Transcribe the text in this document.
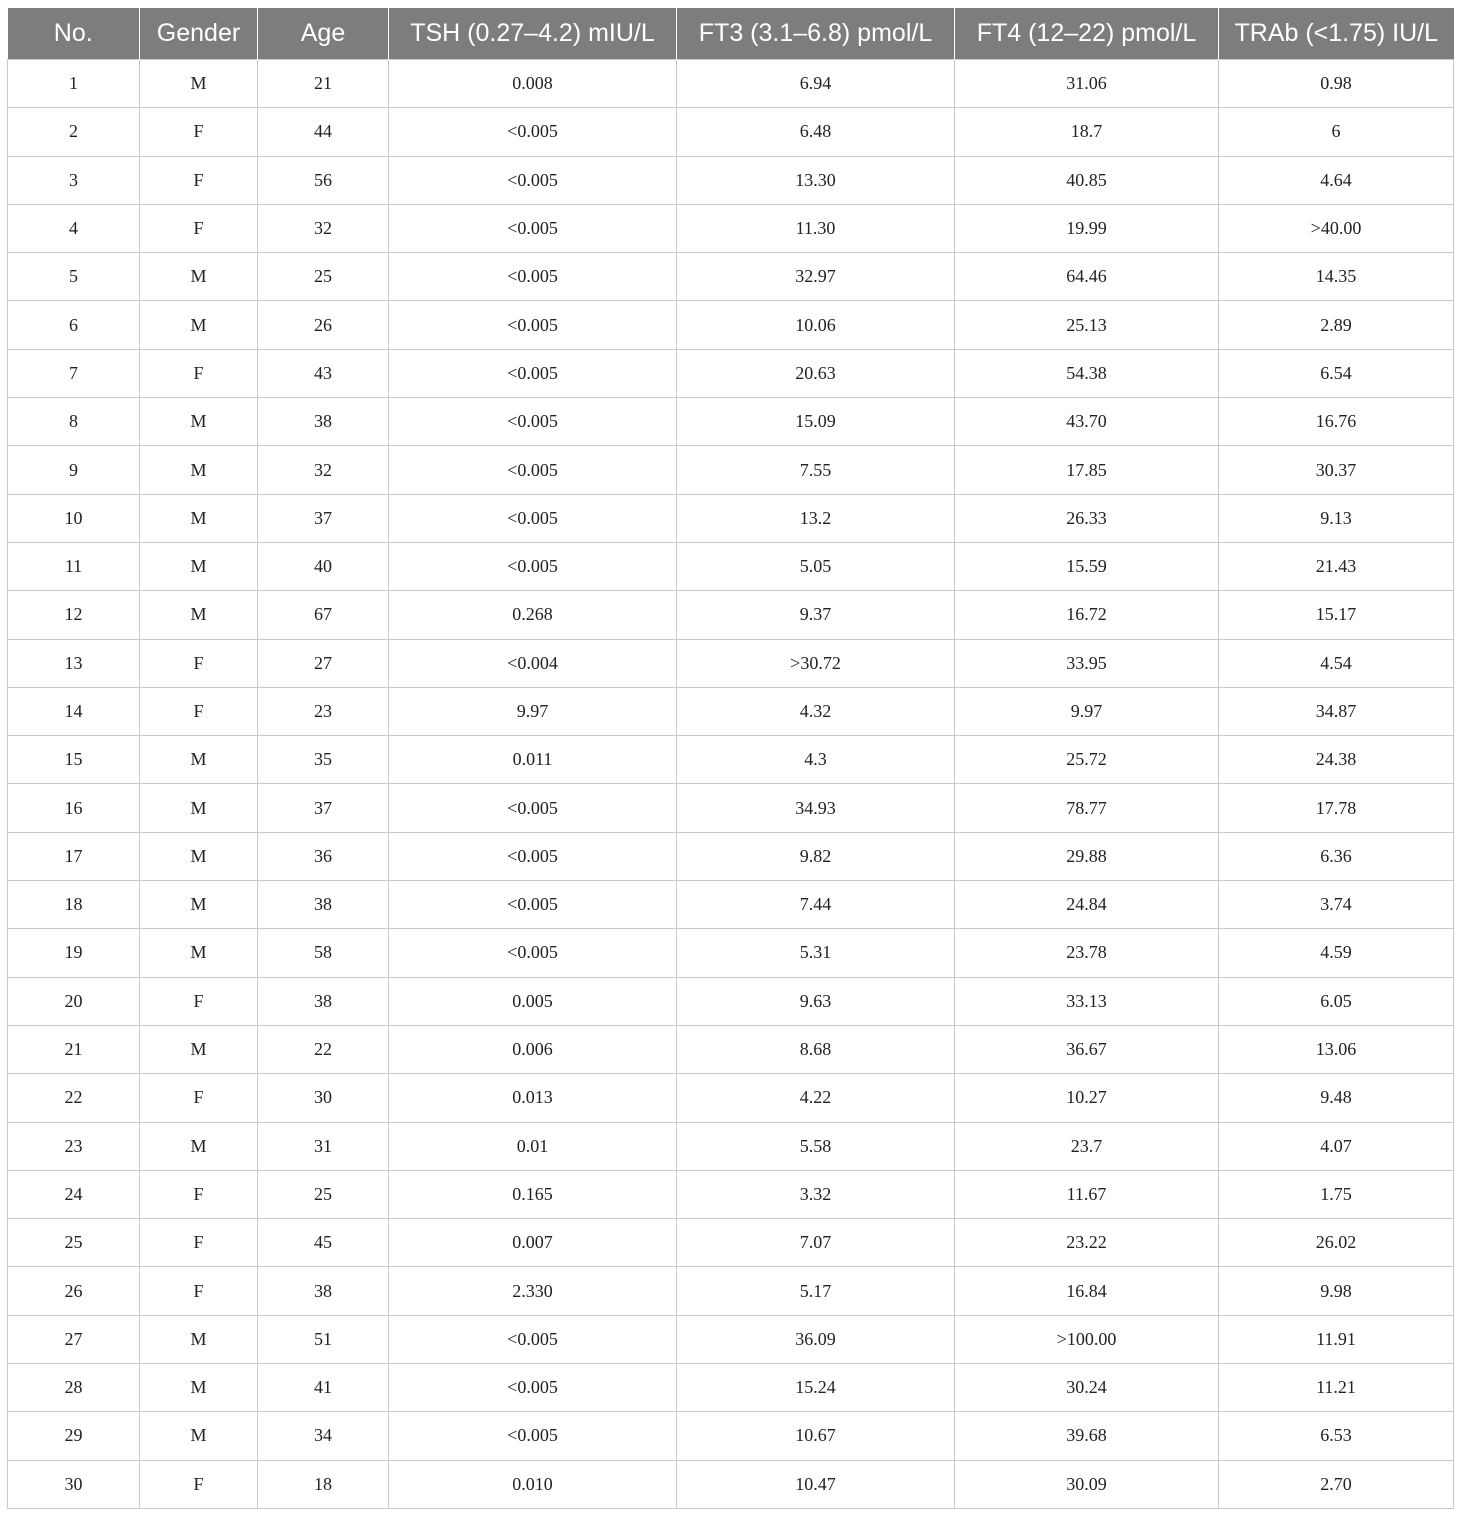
No.	Gender	Age	TSH (0.27–4.2) mIU/L	FT3 (3.1–6.8) pmol/L	FT4 (12–22) pmol/L	TRAb (<1.75) IU/L
1	M	21	0.008	6.94	31.06	0.98
2	F	44	<0.005	6.48	18.7	6
3	F	56	<0.005	13.30	40.85	4.64
4	F	32	<0.005	11.30	19.99	>40.00
5	M	25	<0.005	32.97	64.46	14.35
6	M	26	<0.005	10.06	25.13	2.89
7	F	43	<0.005	20.63	54.38	6.54
8	M	38	<0.005	15.09	43.70	16.76
9	M	32	<0.005	7.55	17.85	30.37
10	M	37	<0.005	13.2	26.33	9.13
11	M	40	<0.005	5.05	15.59	21.43
12	M	67	0.268	9.37	16.72	15.17
13	F	27	<0.004	>30.72	33.95	4.54
14	F	23	9.97	4.32	9.97	34.87
15	M	35	0.011	4.3	25.72	24.38
16	M	37	<0.005	34.93	78.77	17.78
17	M	36	<0.005	9.82	29.88	6.36
18	M	38	<0.005	7.44	24.84	3.74
19	M	58	<0.005	5.31	23.78	4.59
20	F	38	0.005	9.63	33.13	6.05
21	M	22	0.006	8.68	36.67	13.06
22	F	30	0.013	4.22	10.27	9.48
23	M	31	0.01	5.58	23.7	4.07
24	F	25	0.165	3.32	11.67	1.75
25	F	45	0.007	7.07	23.22	26.02
26	F	38	2.330	5.17	16.84	9.98
27	M	51	<0.005	36.09	>100.00	11.91
28	M	41	<0.005	15.24	30.24	11.21
29	M	34	<0.005	10.67	39.68	6.53
30	F	18	0.010	10.47	30.09	2.70
